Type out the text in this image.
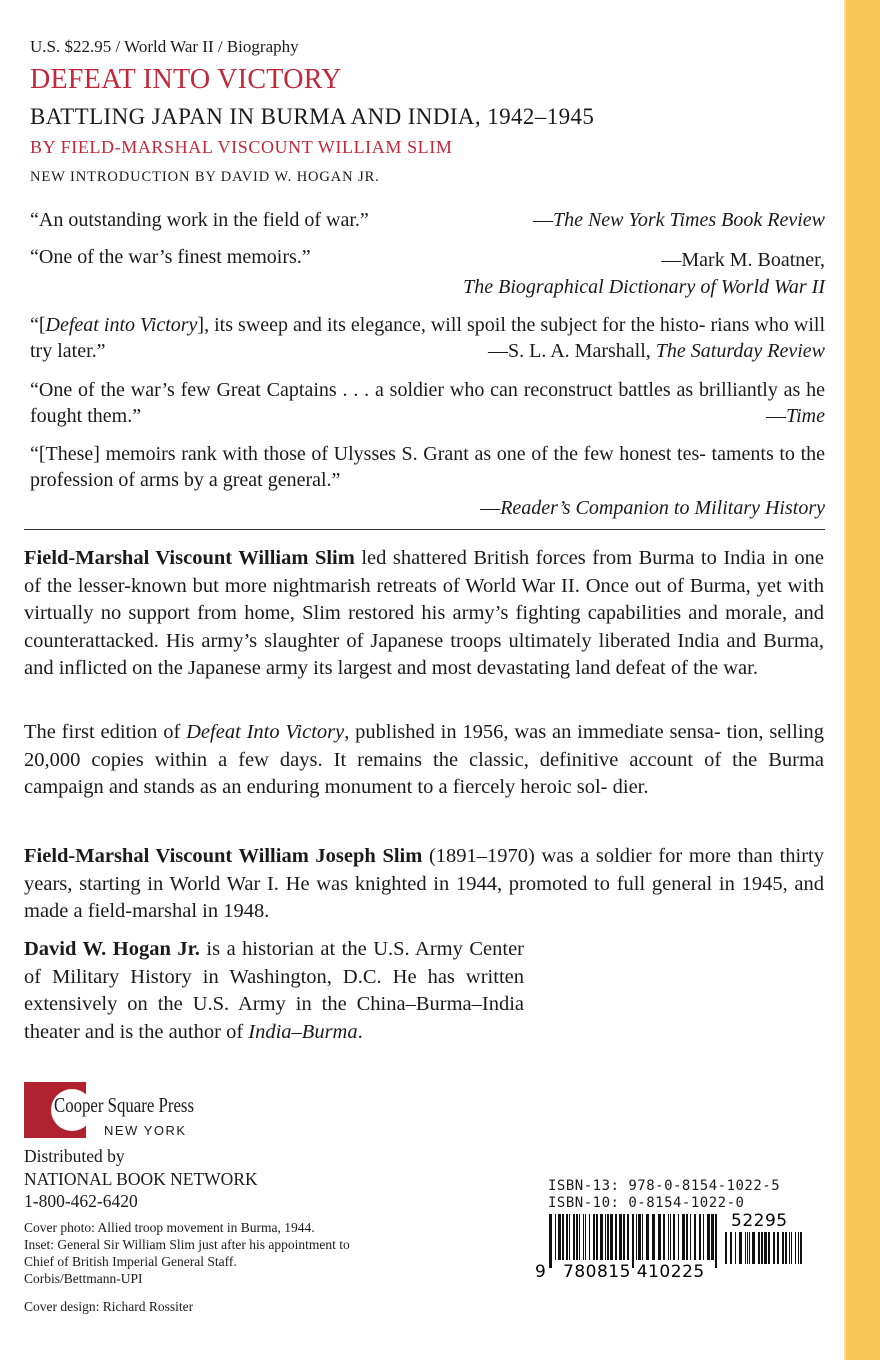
U.S. $22.95 / World War II / Biography
DEFEAT INTO VICTORY
BATTLING JAPAN IN BURMA AND INDIA, 1942–1945
BY FIELD-MARSHAL VISCOUNT WILLIAM SLIM
NEW INTRODUCTION BY DAVID W. HOGAN JR.
“An outstanding work in the field of war.”	—The New York Times Book Review
“One of the war’s finest memoirs.”	—Mark M. Boatner,
The Biographical Dictionary of World War II
“[Defeat into Victory], its sweep and its elegance, will spoil the subject for the histo- rians who will try later.”	—S. L. A. Marshall, The Saturday Review
“One of the war’s few Great Captains . . . a soldier who can reconstruct battles as brilliantly as he fought them.”	—Time
“[These] memoirs rank with those of Ulysses S. Grant as one of the few honest tes- taments to the profession of arms by a great general.”
—Reader’s Companion to Military History
Field-Marshal Viscount William Slim led shattered British forces from Burma to India in one of the lesser-known but more nightmarish retreats of World War II. Once out of Burma, yet with virtually no support from home, Slim restored his army’s fighting capabilities and morale, and counterattacked. His army’s slaughter of Japanese troops ultimately liberated India and Burma, and inflicted on the Japanese army its largest and most devastating land defeat of the war.
The first edition of Defeat Into Victory, published in 1956, was an immediate sensa- tion, selling 20,000 copies within a few days. It remains the classic, definitive account of the Burma campaign and stands as an enduring monument to a fiercely heroic sol- dier.
Field-Marshal Viscount William Joseph Slim (1891–1970) was a soldier for more than thirty years, starting in World War I. He was knighted in 1944, promoted to full general in 1945, and made a field-marshal in 1948.
David W. Hogan Jr. is a historian at the U.S. Army Center of Military History in Washington, D.C. He has written extensively on the U.S. Army in the China–Burma–India theater and is the author of India–Burma.
Cooper Square Press
NEW YORK
Distributed by
NATIONAL BOOK NETWORK
1-800-462-6420
Cover photo: Allied troop movement in Burma, 1944.
Inset: General Sir William Slim just after his appointment to
Chief of British Imperial General Staff.
Corbis/Bettmann-UPI
Cover design: Richard Rossiter
ISBN-13: 978-0-8154-1022-5
ISBN-10: 0-8154-1022-0
9 780815 410225
52295
